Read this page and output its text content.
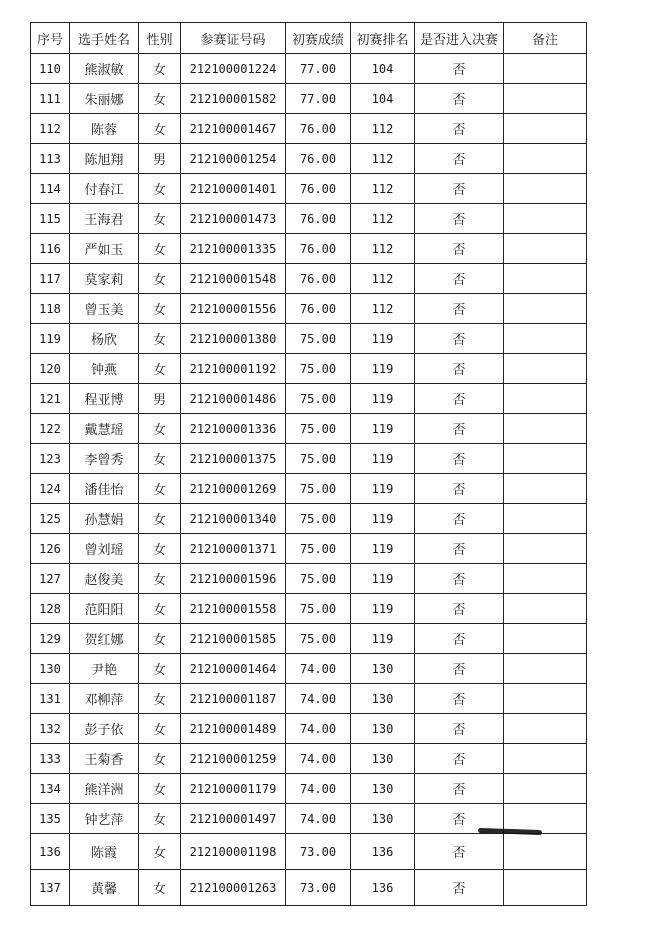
序号	选手姓名	性别	参赛证号码	初赛成绩	初赛排名	是否进入决赛	备注
110	熊淑敏	女	212100001224	77.00	104	否	
111	朱丽娜	女	212100001582	77.00	104	否	
112	陈蓉	女	212100001467	76.00	112	否	
113	陈旭翔	男	212100001254	76.00	112	否	
114	付春江	女	212100001401	76.00	112	否	
115	王海君	女	212100001473	76.00	112	否	
116	严如玉	女	212100001335	76.00	112	否	
117	莫家莉	女	212100001548	76.00	112	否	
118	曾玉美	女	212100001556	76.00	112	否	
119	杨欣	女	212100001380	75.00	119	否	
120	钟燕	女	212100001192	75.00	119	否	
121	程亚博	男	212100001486	75.00	119	否	
122	戴慧瑶	女	212100001336	75.00	119	否	
123	李曾秀	女	212100001375	75.00	119	否	
124	潘佳怡	女	212100001269	75.00	119	否	
125	孙慧娟	女	212100001340	75.00	119	否	
126	曾刘瑶	女	212100001371	75.00	119	否	
127	赵俊美	女	212100001596	75.00	119	否	
128	范阳阳	女	212100001558	75.00	119	否	
129	贺红娜	女	212100001585	75.00	119	否	
130	尹艳	女	212100001464	74.00	130	否	
131	邓柳萍	女	212100001187	74.00	130	否	
132	彭子依	女	212100001489	74.00	130	否	
133	王菊香	女	212100001259	74.00	130	否	
134	熊洋洲	女	212100001179	74.00	130	否	
135	钟艺萍	女	212100001497	74.00	130	否	
136	陈霞	女	212100001198	73.00	136	否	
137	黄馨	女	212100001263	73.00	136	否	
